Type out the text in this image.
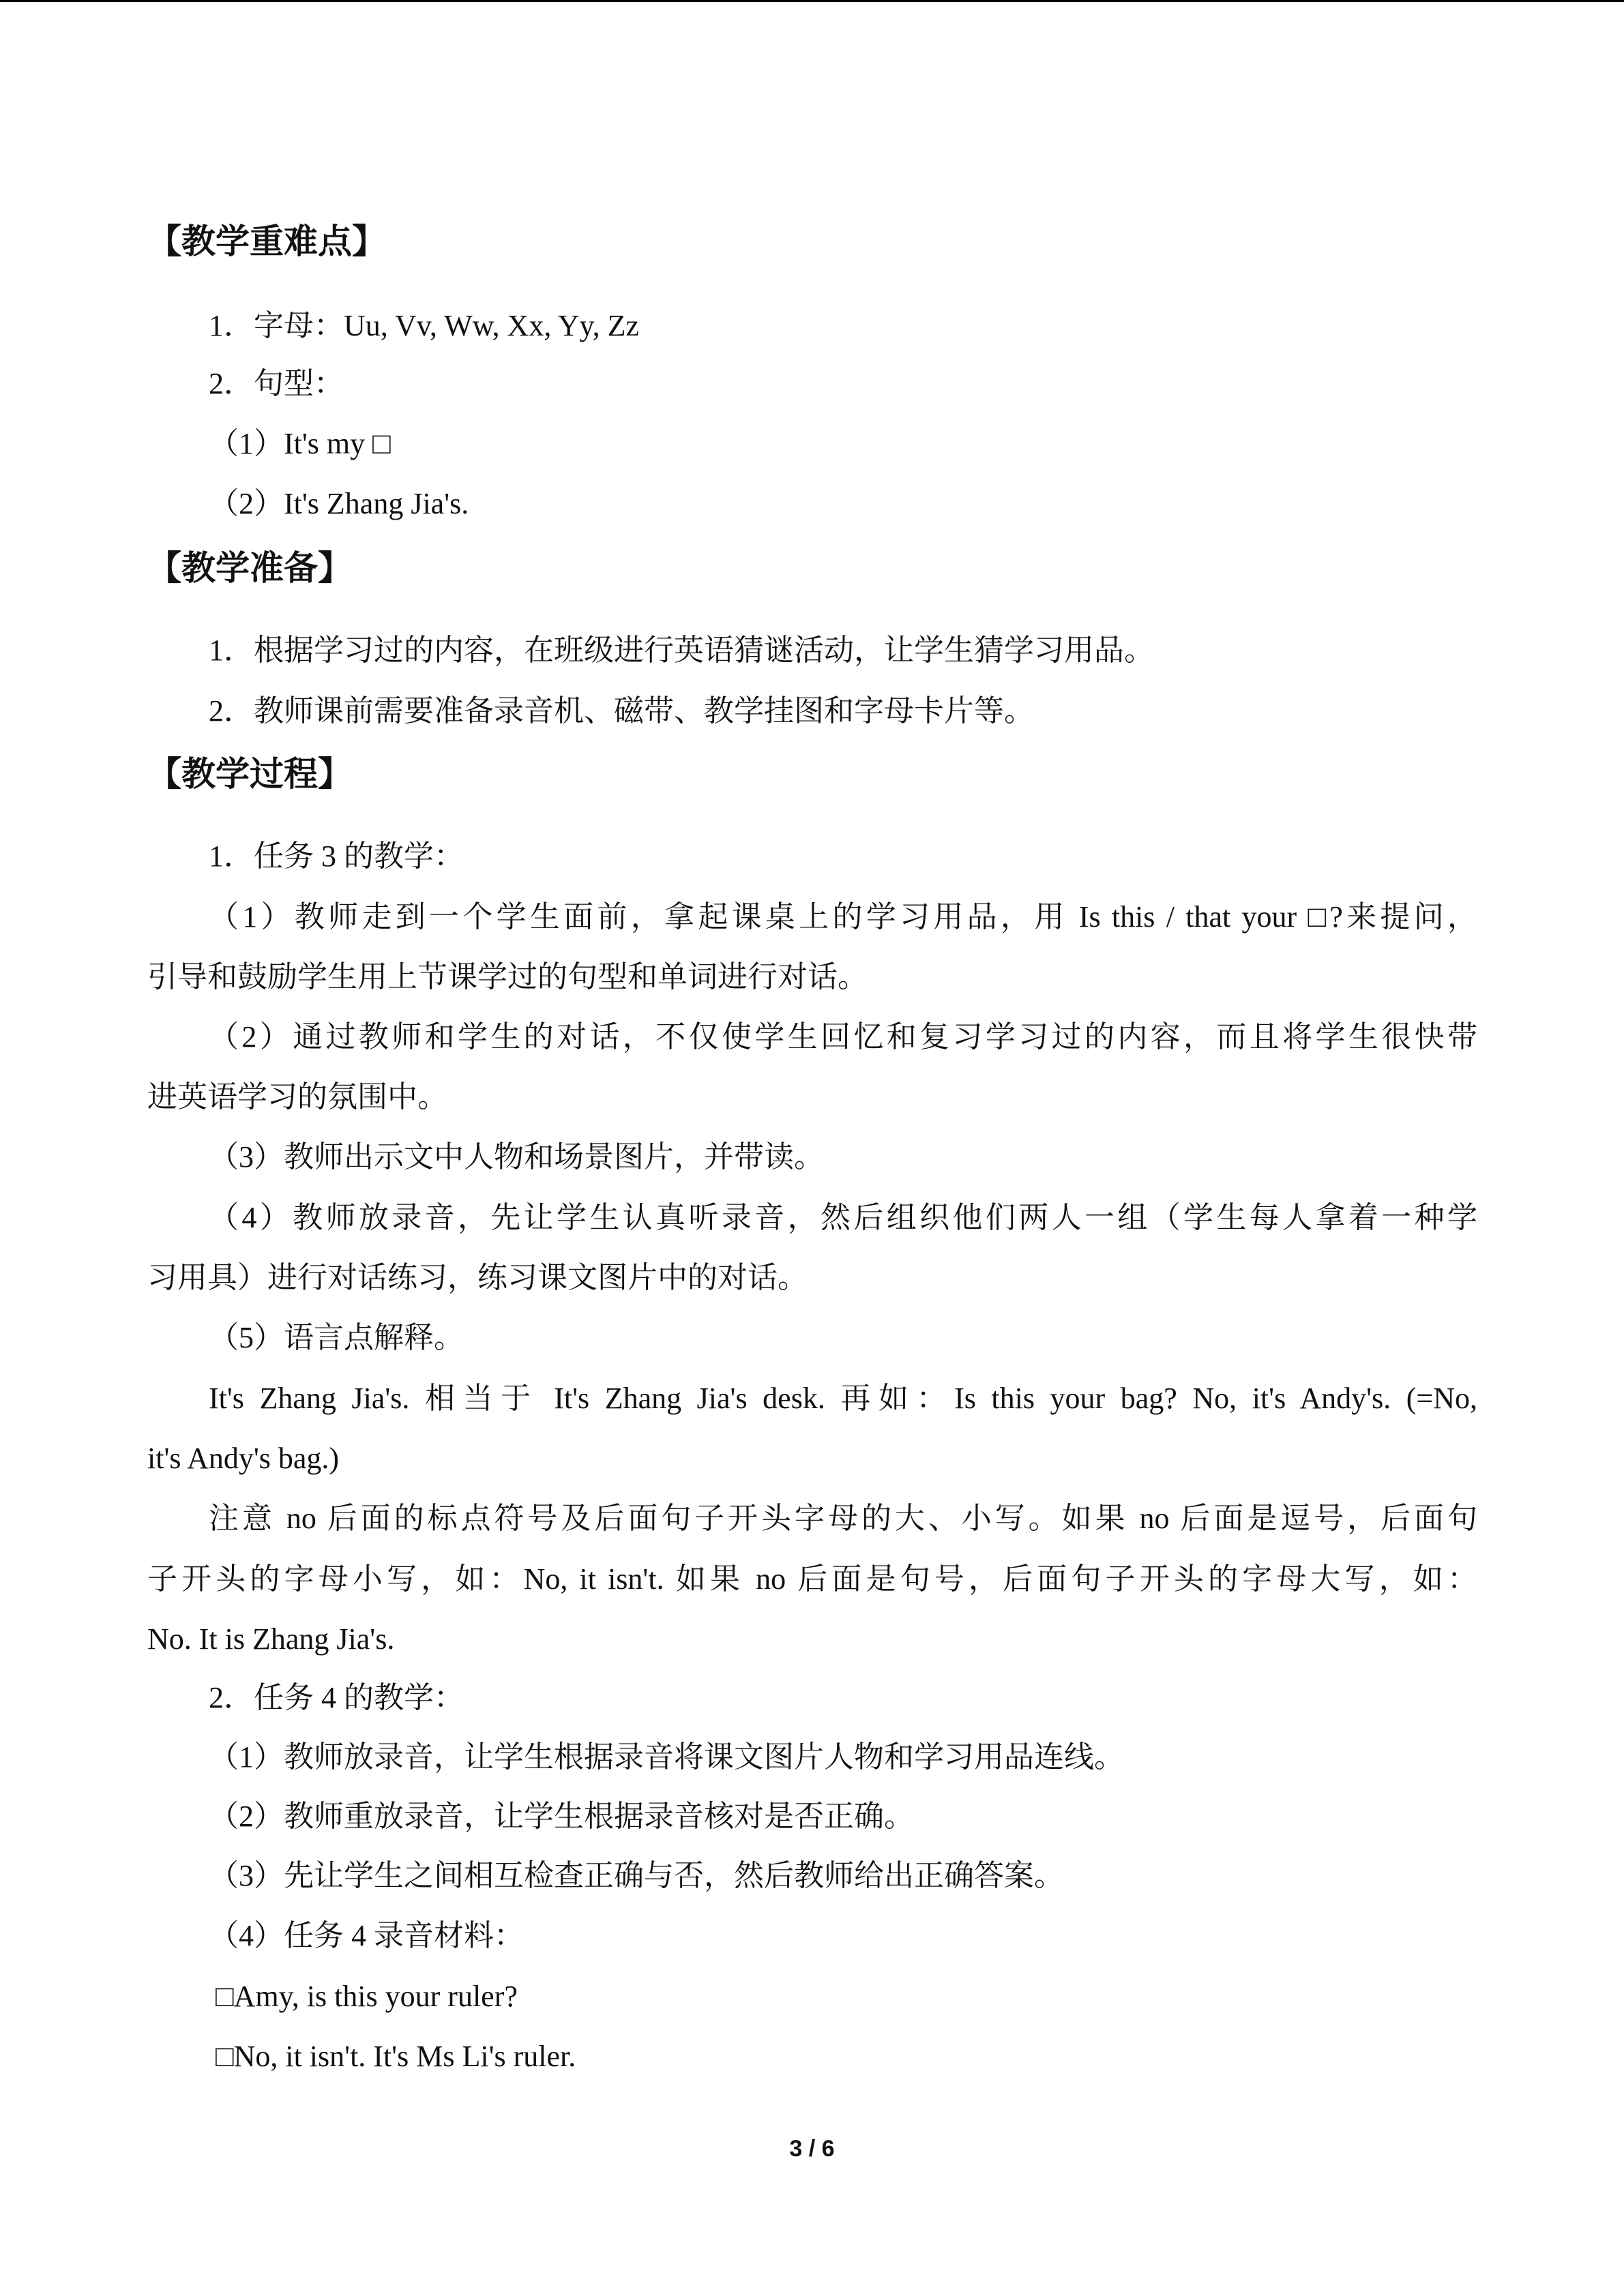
【教学重难点】
1．字母：Uu, Vv, Ww, Xx, Yy, Zz
2．句型：
（1）It's my □
（2）It's Zhang Jia's.
【教学准备】
1．根据学习过的内容，在班级进行英语猜谜活动，让学生猜学习用品。
2．教师课前需要准备录音机、磁带、教学挂图和字母卡片等。
【教学过程】
1．任务 3 的教学：
（1）教师走到一个学生面前，拿起课桌上的学习用品，用 Is this / that your □?来提问，
引导和鼓励学生用上节课学过的句型和单词进行对话。
（2）通过教师和学生的对话，不仅使学生回忆和复习学习过的内容，而且将学生很快带
进英语学习的氛围中。
（3）教师出示文中人物和场景图片，并带读。
（4）教师放录音，先让学生认真听录音，然后组织他们两人一组（学生每人拿着一种学
习用具）进行对话练习，练习课文图片中的对话。
（5）语言点解释。
It's Zhang Jia's. 相当于 It's Zhang Jia's desk. 再如：Is this your bag? No, it's Andy's. (=No,
it's Andy's bag.)
注意 no 后面的标点符号及后面句子开头字母的大、小写。如果 no 后面是逗号，后面句
子开头的字母小写，如：No, it isn't. 如果 no 后面是句号，后面句子开头的字母大写，如：
No. It is Zhang Jia's.
2．任务 4 的教学：
（1）教师放录音，让学生根据录音将课文图片人物和学习用品连线。
（2）教师重放录音，让学生根据录音核对是否正确。
（3）先让学生之间相互检查正确与否，然后教师给出正确答案。
（4）任务 4 录音材料：
□Amy, is this your ruler?
□No, it isn't. It's Ms Li's ruler.
3 / 6
